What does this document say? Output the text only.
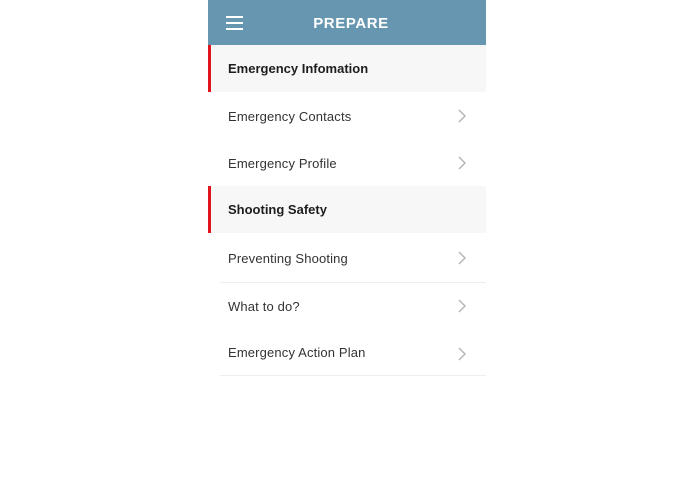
PREPARE
Emergency Infomation
Emergency Contacts
Emergency Profile
Shooting Safety
Preventing Shooting
What to do?
Emergency Action Plan
